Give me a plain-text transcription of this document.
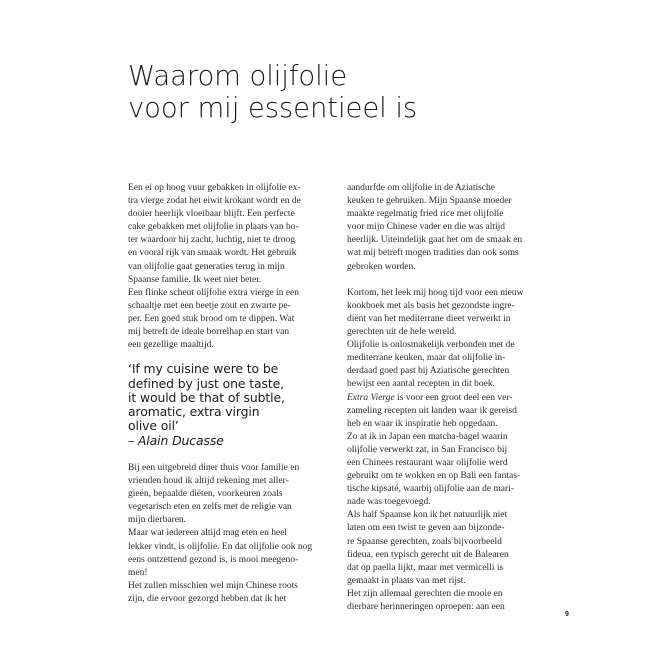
Waarom olijfolie
voor mij essentieel is
Een ei op hoog vuur gebakken in olijfolie ex-
tra vierge zodat het eiwit krokant wordt en de
dooier heerlijk vloeibaar blijft. Een perfecte
cake gebakken met olijfolie in plaats van bo-
ter waardoor hij zacht, luchtig, niet te droog
en vooral rijk van smaak wordt. Het gebruik
van olijfolie gaat generaties terug in mijn
Spaanse familie. Ik weet niet beter.
Een flinke scheut olijfolie extra vierge in een
schaaltje met een beetje zout en zwarte pe-
per. Een goed stuk brood om te dippen. Wat
mij betreft de ideale borrelhap en start van
een gezellige maaltijd.
‘If my cuisine were to be
defined by just one taste,
it would be that of subtle,
aromatic, extra virgin
olive oil’
– Alain Ducasse
Bij een uitgebreid diner thuis voor familie en
vrienden houd ik altijd rekening met aller-
gieën, bepaalde diëten, voorkeuren zoals
vegetarisch eten en zelfs met de religie van
mijn dierbaren.
Maar wat iedereen altijd mag eten en heel
lekker vindt, is olijfolie. En dat olijfolie ook nog
eens ontzettend gezond is, is mooi meegeno-
men!
Het zullen misschien wel mijn Chinese roots
zijn, die ervoor gezorgd hebben dat ik het
aandurfde om olijfolie in de Aziatische
keuken te gebruiken. Mijn Spaanse moeder
maakte regelmatig fried rice met olijfolie
voor mijn Chinese vader en die was altijd
heerlijk. Uiteindelijk gaat het om de smaak en
wat mij betreft mogen tradities dan ook soms
gebroken worden.
Kortom, het leek mij hoog tijd voor een nieuw
kookboek met als basis het gezondste ingre-
diënt van het mediterrane dieet verwerkt in
gerechten uit de hele wereld.
Olijfolie is onlosmakelijk verbonden met de
mediterrane keuken, maar dat olijfolie in-
derdaad goed past bij Aziatische gerechten
bewijst een aantal recepten in dit boek.
Extra Vierge is voor een groot deel een ver-
zameling recepten uit landen waar ik gereisd
heb en waar ik inspiratie heb opgedaan.
Zo at ik in Japan een matcha-bagel waarin
olijfolie verwerkt zat, in San Francisco bij
een Chinees restaurant waar olijfolie werd
gebruikt om te wokken en op Bali een fantas-
tische kipsaté, waarbij olijfolie aan de mari-
nade was toegevoegd.
Als half Spaanse kon ik het natuurlijk niet
laten om een twist te geven aan bijzonde-
re Spaanse gerechten, zoals bijvoorbeeld
fideua, een typisch gerecht uit de Balearen
dat op paella lijkt, maar met vermicelli is
gemaakt in plaats van met rijst.
Het zijn allemaal gerechten die mooie en
dierbare herinneringen oproepen: aan een
9
